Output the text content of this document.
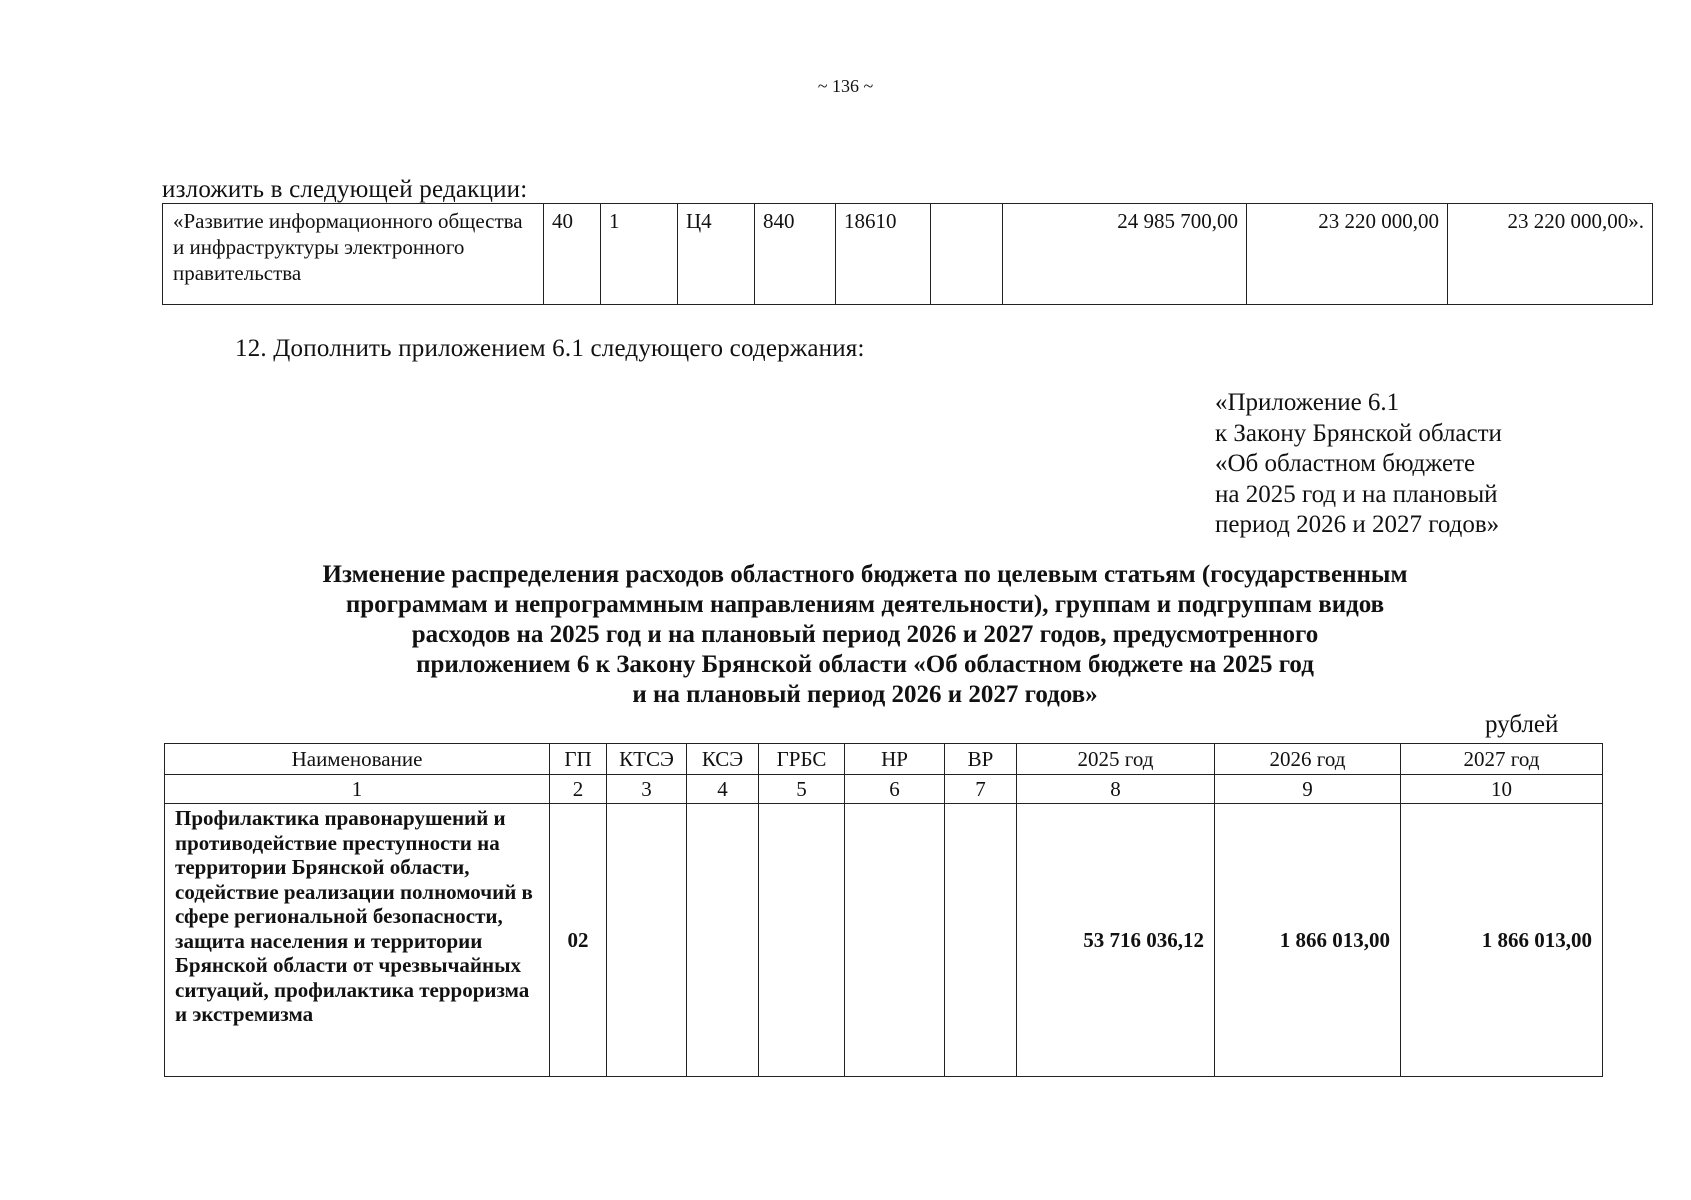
~ 136 ~
изложить в следующей редакции:
«Развитие информационного общества и инфраструктуры электронного правительства	40	1	Ц4	840	18610		24 985 700,00	23 220 000,00	23 220 000,00».
12. Дополнить приложением 6.1 следующего содержания:
«Приложение 6.1
к Закону Брянской области
«Об областном бюджете
на 2025 год и на плановый
период 2026 и 2027 годов»
Изменение распределения расходов областного бюджета по целевым статьям (государственным
программам и непрограммным направлениям деятельности), группам и подгруппам видов
расходов на 2025 год и на плановый период 2026 и 2027 годов, предусмотренного
приложением 6 к Закону Брянской области «Об областном бюджете на 2025 год
и на плановый период 2026 и 2027 годов»
рублей
Наименование	ГП	КТСЭ	КСЭ	ГРБС	НР	ВР	2025 год	2026 год	2027 год
1	2	3	4	5	6	7	8	9	10
Профилактика правонарушений и противодействие преступности на территории Брянской области, содействие реализации полномочий в сфере региональной безопасности, защита населения и территории Брянской области от чрезвычайных ситуаций, профилактика терроризма и экстремизма	02						53 716 036,12	1 866 013,00	1 866 013,00
